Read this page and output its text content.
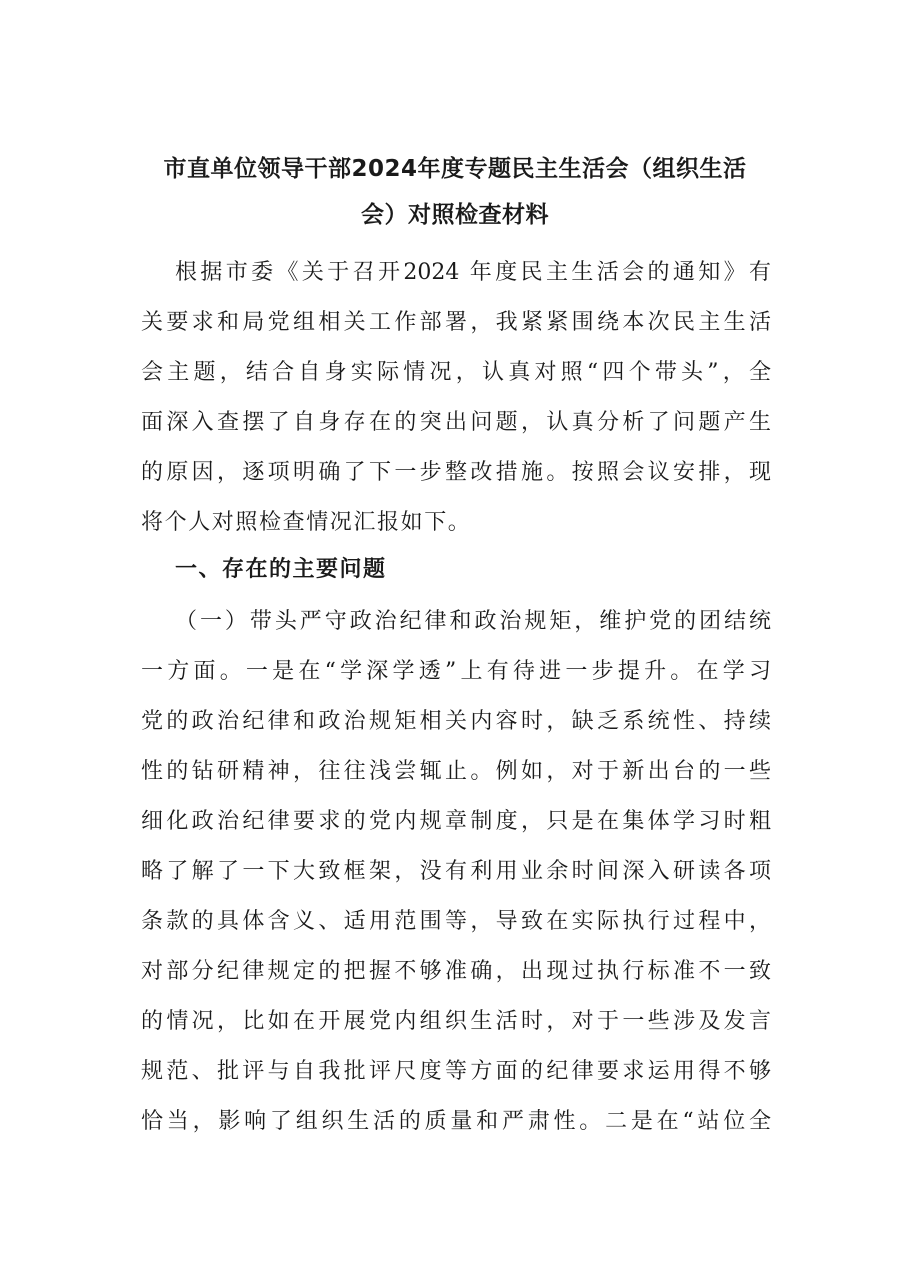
市直单位领导干部2024年度专题民主生活会（组织生活

会）对照检查材料

根据市委《关于召开2024 年度民主生活会的通知》有

关要求和局党组相关工作部署，我紧紧围绕本次民主生活

会主题，结合自身实际情况，认真对照“四个带头”，全

面深入查摆了自身存在的突出问题，认真分析了问题产生

的原因，逐项明确了下一步整改措施。按照会议安排，现

将个人对照检查情况汇报如下。

一、存在的主要问题

（一）带头严守政治纪律和政治规矩，维护党的团结统

一方面。一是在“学深学透”上有待进一步提升。在学习

党的政治纪律和政治规矩相关内容时，缺乏系统性、持续

性的钻研精神，往往浅尝辄止。例如，对于新出台的一些

细化政治纪律要求的党内规章制度，只是在集体学习时粗

略了解了一下大致框架，没有利用业余时间深入研读各项

条款的具体含义、适用范围等，导致在实际执行过程中，

对部分纪律规定的把握不够准确，出现过执行标准不一致

的情况，比如在开展党内组织生活时，对于一些涉及发言

规范、批评与自我批评尺度等方面的纪律要求运用得不够

恰当，影响了组织生活的质量和严肃性。二是在“站位全
